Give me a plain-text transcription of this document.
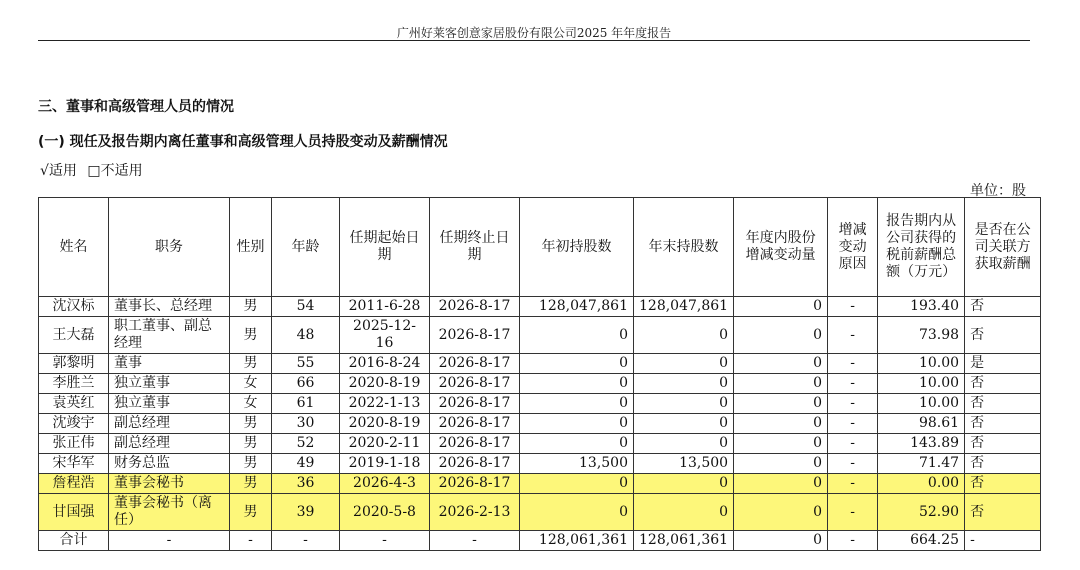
广州好莱客创意家居股份有限公司2025 年年度报告
三、董事和高级管理人员的情况
(一) 现任及报告期内离任董事和高级管理人员持股变动及薪酬情况
√适用 □不适用
单位：股
姓名	职务	性别	年龄	任期起始日期	任期终止日期	年初持股数	年末持股数	年度内股份增减变动量	增减变动原因	报告期内从公司获得的税前薪酬总额（万元）	是否在公司关联方获取薪酬
沈汉标	董事长、总经理	男	54	2011-6-28	2026-8-17	128,047,861	128,047,861	0	-	193.40	否
王大磊	职工董事、副总经理	男	48	2025-12-16	2026-8-17	0	0	0	-	73.98	否
郭黎明	董事	男	55	2016-8-24	2026-8-17	0	0	0	-	10.00	是
李胜兰	独立董事	女	66	2020-8-19	2026-8-17	0	0	0	-	10.00	否
袁英红	独立董事	女	61	2022-1-13	2026-8-17	0	0	0	-	10.00	否
沈竣宇	副总经理	男	30	2020-8-19	2026-8-17	0	0	0	-	98.61	否
张正伟	副总经理	男	52	2020-2-11	2026-8-17	0	0	0	-	143.89	否
宋华军	财务总监	男	49	2019-1-18	2026-8-17	13,500	13,500	0	-	71.47	否
詹程浩	董事会秘书	男	36	2026-4-3	2026-8-17	0	0	0	-	0.00	否
甘国强	董事会秘书（离任）	男	39	2020-5-8	2026-2-13	0	0	0	-	52.90	否
合计	-	-	-	-	-	128,061,361	128,061,361	0	-	664.25	-
